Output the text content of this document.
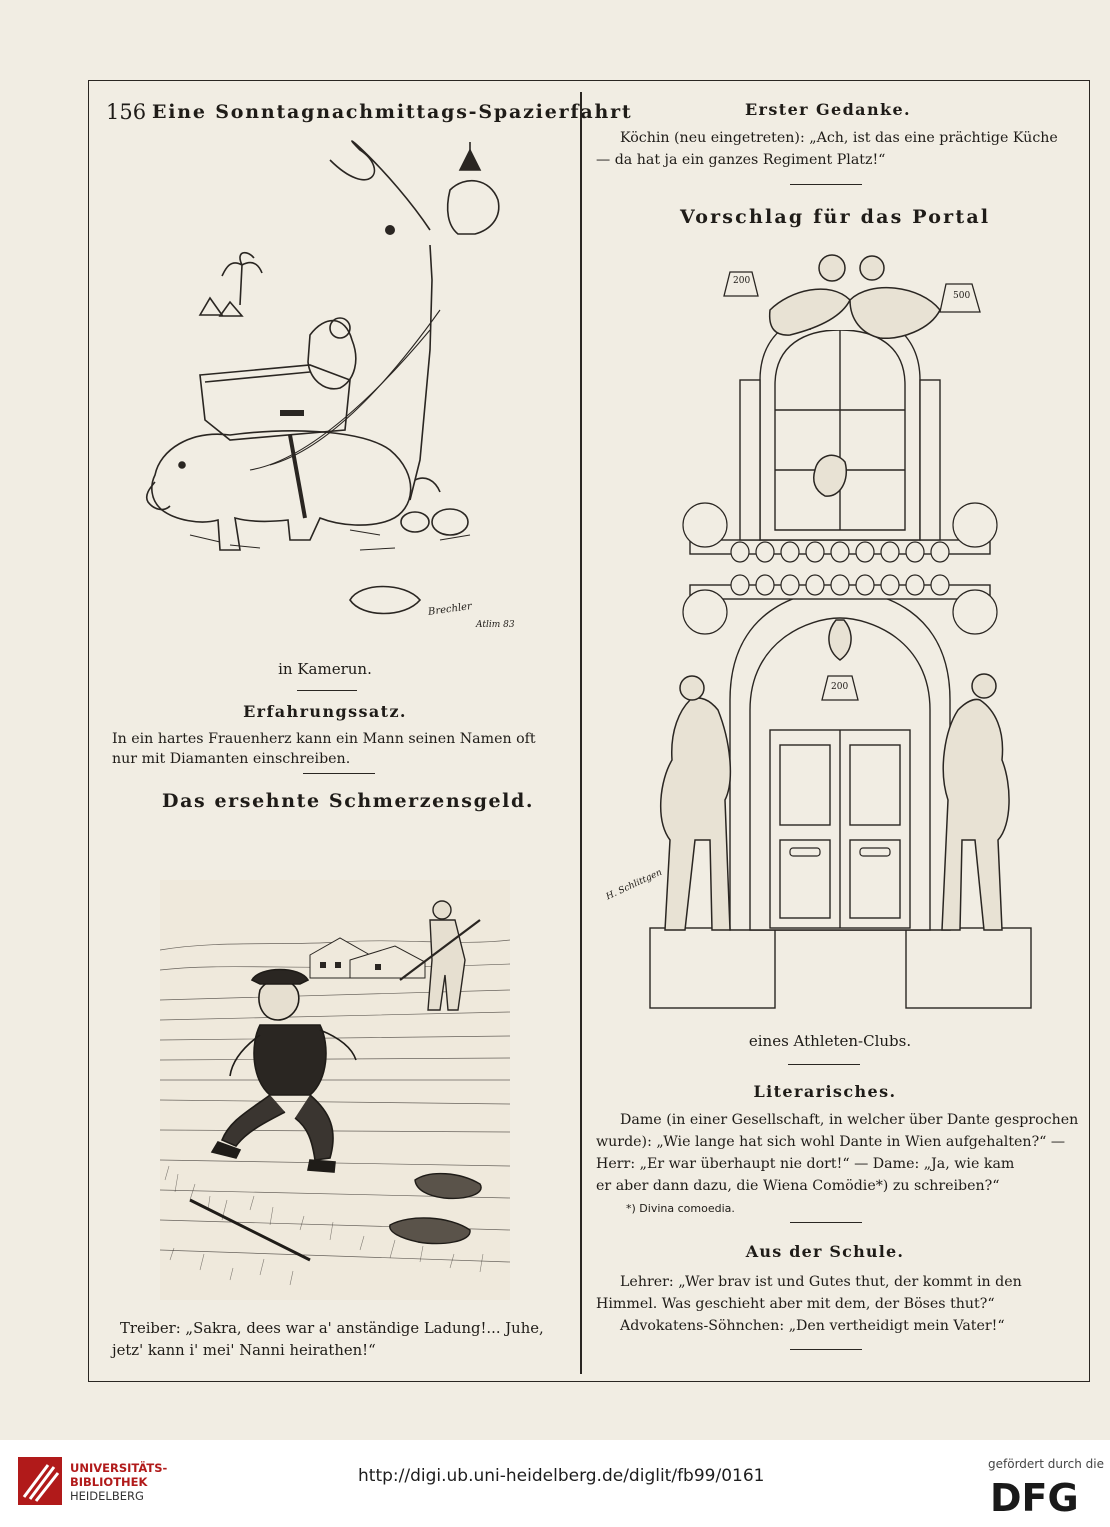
156 Eine Sonntagnachmittags-Spazierfahrt
Brechler
Atlim 83
in Kamerun.
Erfahrungssatz.
In ein hartes Frauenherz kann ein Mann seinen Namen oft
nur mit Diamanten einschreiben.
Das ersehnte Schmerzensgeld.
Treiber: „Sakra, dees war a' anständige Ladung!... Juhe,
jetz' kann i' mei' Nanni heirathen!“
Erster Gedanke.
Köchin (neu eingetreten): „Ach, ist das eine prächtige Küche
— da hat ja ein ganzes Regiment Platz!“
Vorschlag für das Portal
200
500
200
H. Schlittgen
eines Athleten-Clubs.
Literarisches.
Dame (in einer Gesellschaft, in welcher über Dante gesprochen
wurde): „Wie lange hat sich wohl Dante in Wien aufgehalten?“ —
Herr: „Er war überhaupt nie dort!“ — Dame: „Ja, wie kam
er aber dann dazu, die Wiena Comödie*) zu schreiben?“
*) Divina comoedia.
Aus der Schule.
Lehrer: „Wer brav ist und Gutes thut, der kommt in den
Himmel. Was geschieht aber mit dem, der Böses thut?“
Advokatens-Söhnchen: „Den vertheidigt mein Vater!“
UNIVERSITÄTS-
BIBLIOTHEK
HEIDELBERG
http://digi.ub.uni-heidelberg.de/diglit/fb99/0161
gefördert durch die
DFG
